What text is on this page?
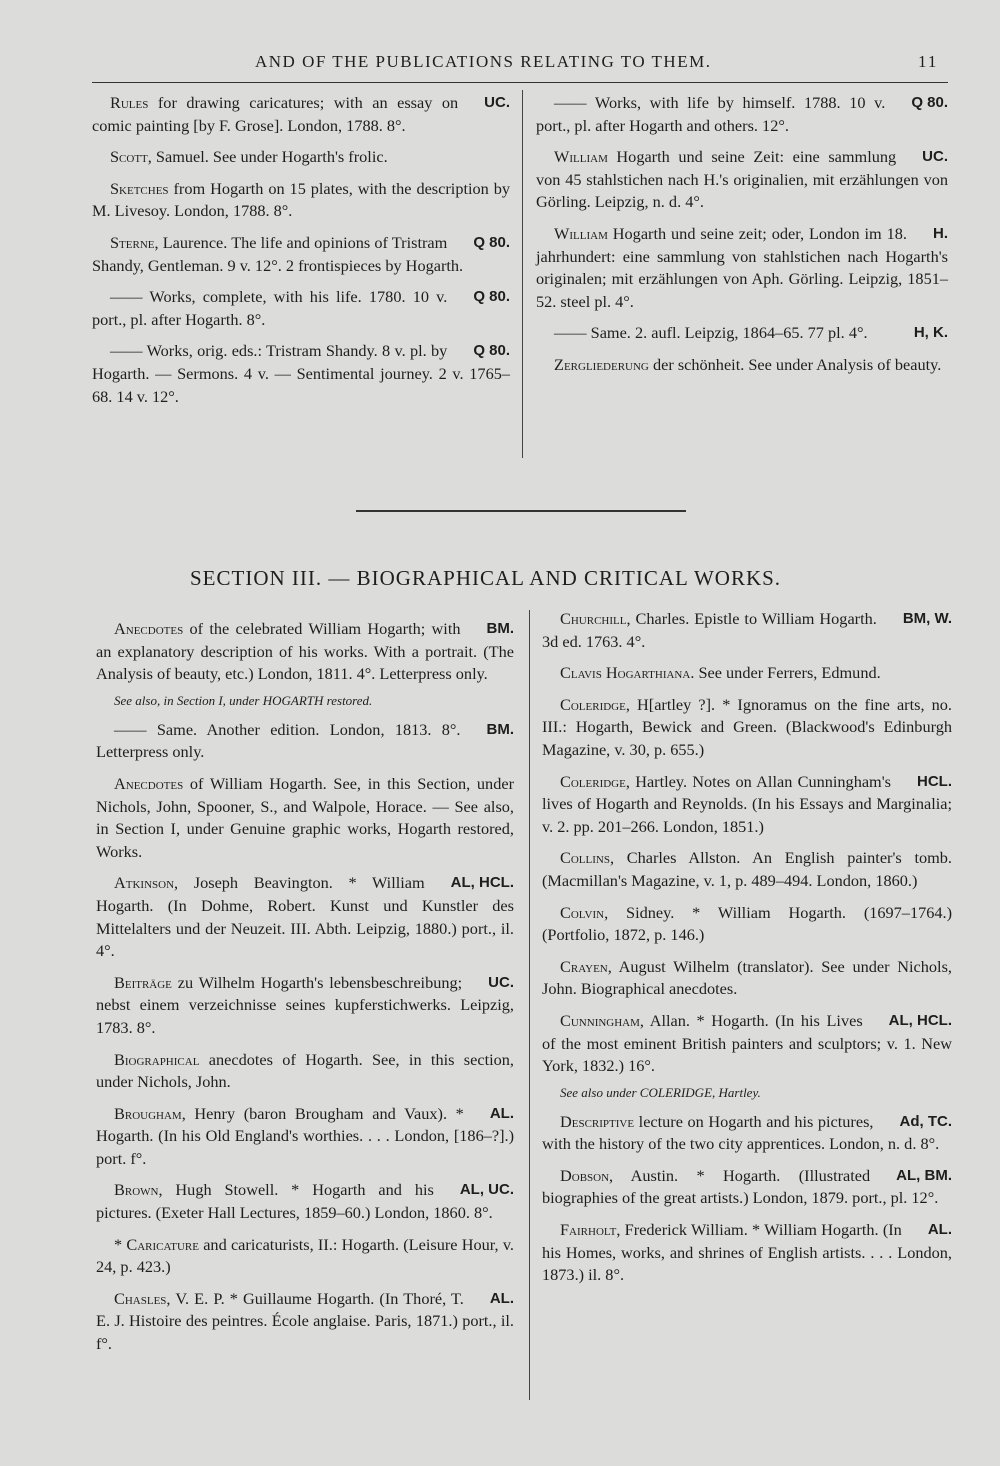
AND OF THE PUBLICATIONS RELATING TO THEM.	11
UC.
Rules for drawing caricatures; with an essay on comic painting [by F. Grose]. London, 1788. 8°.
Scott, Samuel. See under Hogarth's frolic.
Sketches from Hogarth on 15 plates, with the description by M. Livesoy. London, 1788. 8°.
Q 80.
Sterne, Laurence. The life and opinions of Tristram Shandy, Gentleman. 9 v. 12°. 2 frontispieces by Hogarth.
Q 80.
—— Works, complete, with his life. 1780. 10 v. port., pl. after Hogarth. 8°.
Q 80.
—— Works, orig. eds.: Tristram Shandy. 8 v. pl. by Hogarth. — Sermons. 4 v. — Sentimental journey. 2 v. 1765–68. 14 v. 12°.
Q 80.
—— Works, with life by himself. 1788. 10 v. port., pl. after Hogarth and others. 12°.
UC.
William Hogarth und seine Zeit: eine sammlung von 45 stahlstichen nach H.'s originalien, mit erzählungen von Görling. Leipzig, n. d. 4°.
H.
William Hogarth und seine zeit; oder, London im 18. jahrhundert: eine sammlung von stahlstichen nach Hogarth's originalen; mit erzählungen von Aph. Görling. Leipzig, 1851–52. steel pl. 4°.
H, K.
—— Same. 2. aufl. Leipzig, 1864–65. 77 pl. 4°.
Zergliederung der schönheit. See under Analysis of beauty.
SECTION III. — BIOGRAPHICAL AND CRITICAL WORKS.
BM.
Anecdotes of the celebrated William Hogarth; with an explanatory description of his works. With a portrait. (The Analysis of beauty, etc.) London, 1811. 4°. Letterpress only.
See also, in Section I, under HOGARTH restored.
BM.
—— Same. Another edition. London, 1813. 8°. Letterpress only.
Anecdotes of William Hogarth. See, in this Section, under Nichols, John, Spooner, S., and Walpole, Horace. — See also, in Section I, under Genuine graphic works, Hogarth restored, Works.
AL, HCL.
Atkinson, Joseph Beavington. * William Hogarth. (In Dohme, Robert. Kunst und Kunstler des Mittelalters und der Neuzeit. III. Abth. Leipzig, 1880.) port., il. 4°.
UC.
Beiträge zu Wilhelm Hogarth's lebensbeschreibung; nebst einem verzeichnisse seines kupferstichwerks. Leipzig, 1783. 8°.
Biographical anecdotes of Hogarth. See, in this section, under Nichols, John.
AL.
Brougham, Henry (baron Brougham and Vaux). * Hogarth. (In his Old England's worthies. . . . London, [186–?].) port. f°.
AL, UC.
Brown, Hugh Stowell. * Hogarth and his pictures. (Exeter Hall Lectures, 1859–60.) London, 1860. 8°.
* Caricature and caricaturists, II.: Hogarth. (Leisure Hour, v. 24, p. 423.)
AL.
Chasles, V. E. P. * Guillaume Hogarth. (In Thoré, T. E. J. Histoire des peintres. École anglaise. Paris, 1871.) port., il. f°.
BM, W.
Churchill, Charles. Epistle to William Hogarth. 3d ed. 1763. 4°.
Clavis Hogarthiana. See under Ferrers, Edmund.
Coleridge, H[artley ?]. * Ignoramus on the fine arts, no. III.: Hogarth, Bewick and Green. (Blackwood's Edinburgh Magazine, v. 30, p. 655.)
HCL.
Coleridge, Hartley. Notes on Allan Cunningham's lives of Hogarth and Reynolds. (In his Essays and Marginalia; v. 2. pp. 201–266. London, 1851.)
Collins, Charles Allston. An English painter's tomb. (Macmillan's Magazine, v. 1, p. 489–494. London, 1860.)
Colvin, Sidney. * William Hogarth. (1697–1764.) (Portfolio, 1872, p. 146.)
Crayen, August Wilhelm (translator). See under Nichols, John. Biographical anecdotes.
AL, HCL.
Cunningham, Allan. * Hogarth. (In his Lives of the most eminent British painters and sculptors; v. 1. New York, 1832.) 16°.
See also under COLERIDGE, Hartley.
Ad, TC.
Descriptive lecture on Hogarth and his pictures, with the history of the two city apprentices. London, n. d. 8°.
AL, BM.
Dobson, Austin. * Hogarth. (Illustrated biographies of the great artists.) London, 1879. port., pl. 12°.
AL.
Fairholt, Frederick William. * William Hogarth. (In his Homes, works, and shrines of English artists. . . . London, 1873.) il. 8°.
